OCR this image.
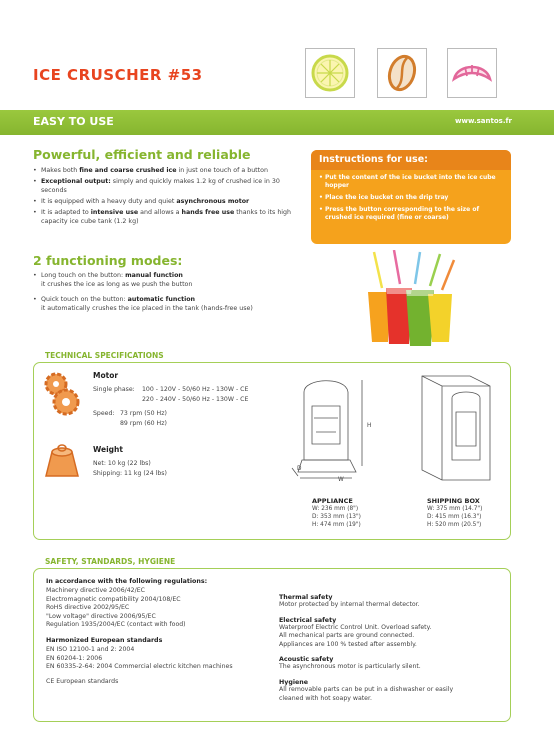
ICE CRUSCHER #53
EASY TO USE	www.santos.fr
Powerful, efficient and reliable
• Makes both fine and coarse crushed ice in just one touch of a button
• Exceptional output: simply and quickly makes 1.2 kg of crushed ice in 30 seconds
• It is equipped with a heavy duty and quiet asynchronous motor
• It is adapted to intensive use and allows a hands free use thanks to its high capacity ice cube tank (1.2 kg)
2 functioning modes:
• Long touch on the button: manual function
it crushes the ice as long as we push the button
• Quick touch on the button: automatic function
it automatically crushes the ice placed in the tank (hands-free use)
Instructions for use:
• Put the content of the ice bucket into the ice cube hopper
• Place the ice bucket on the drip tray
• Press the button corresponding to the size of crushed ice required (fine or coarse)
TECHNICAL SPECIFICATIONS
Motor
Single phase: 100 - 120V - 50/60 Hz - 130W - CE
220 - 240V - 50/60 Hz - 130W - CE
Speed: 73 rpm (50 Hz)
89 rpm (60 Hz)
Weight
Net: 10 kg (22 lbs)
Shipping: 11 kg (24 lbs)
H
D
W
APPLIANCE
W: 236 mm (8")
D: 353 mm (13")
H: 474 mm (19")
SHIPPING BOX
W: 375 mm (14.7")
D: 415 mm (16.3")
H: 520 mm (20.5")
SAFETY, STANDARDS, HYGIENE
In accordance with the following regulations:
Machinery directive 2006/42/EC
Electromagnetic compatibility 2004/108/EC
RoHS directive 2002/95/EC
"Low voltage" directive 2006/95/EC
Regulation 1935/2004/EC (contact with food)
Harmonized European standards
EN ISO 12100-1 and 2: 2004
EN 60204-1: 2006
EN 60335-2-64: 2004 Commercial electric kitchen machines
CE European standards
Thermal safety
Motor protected by internal thermal detector.
Electrical safety
Waterproof Electric Control Unit. Overload safety.
All mechanical parts are ground connected.
Appliances are 100 % tested after assembly.
Acoustic safety
The asynchronous motor is particularly silent.
Hygiene
All removable parts can be put in a dishwasher or easily cleaned with hot soapy water.
